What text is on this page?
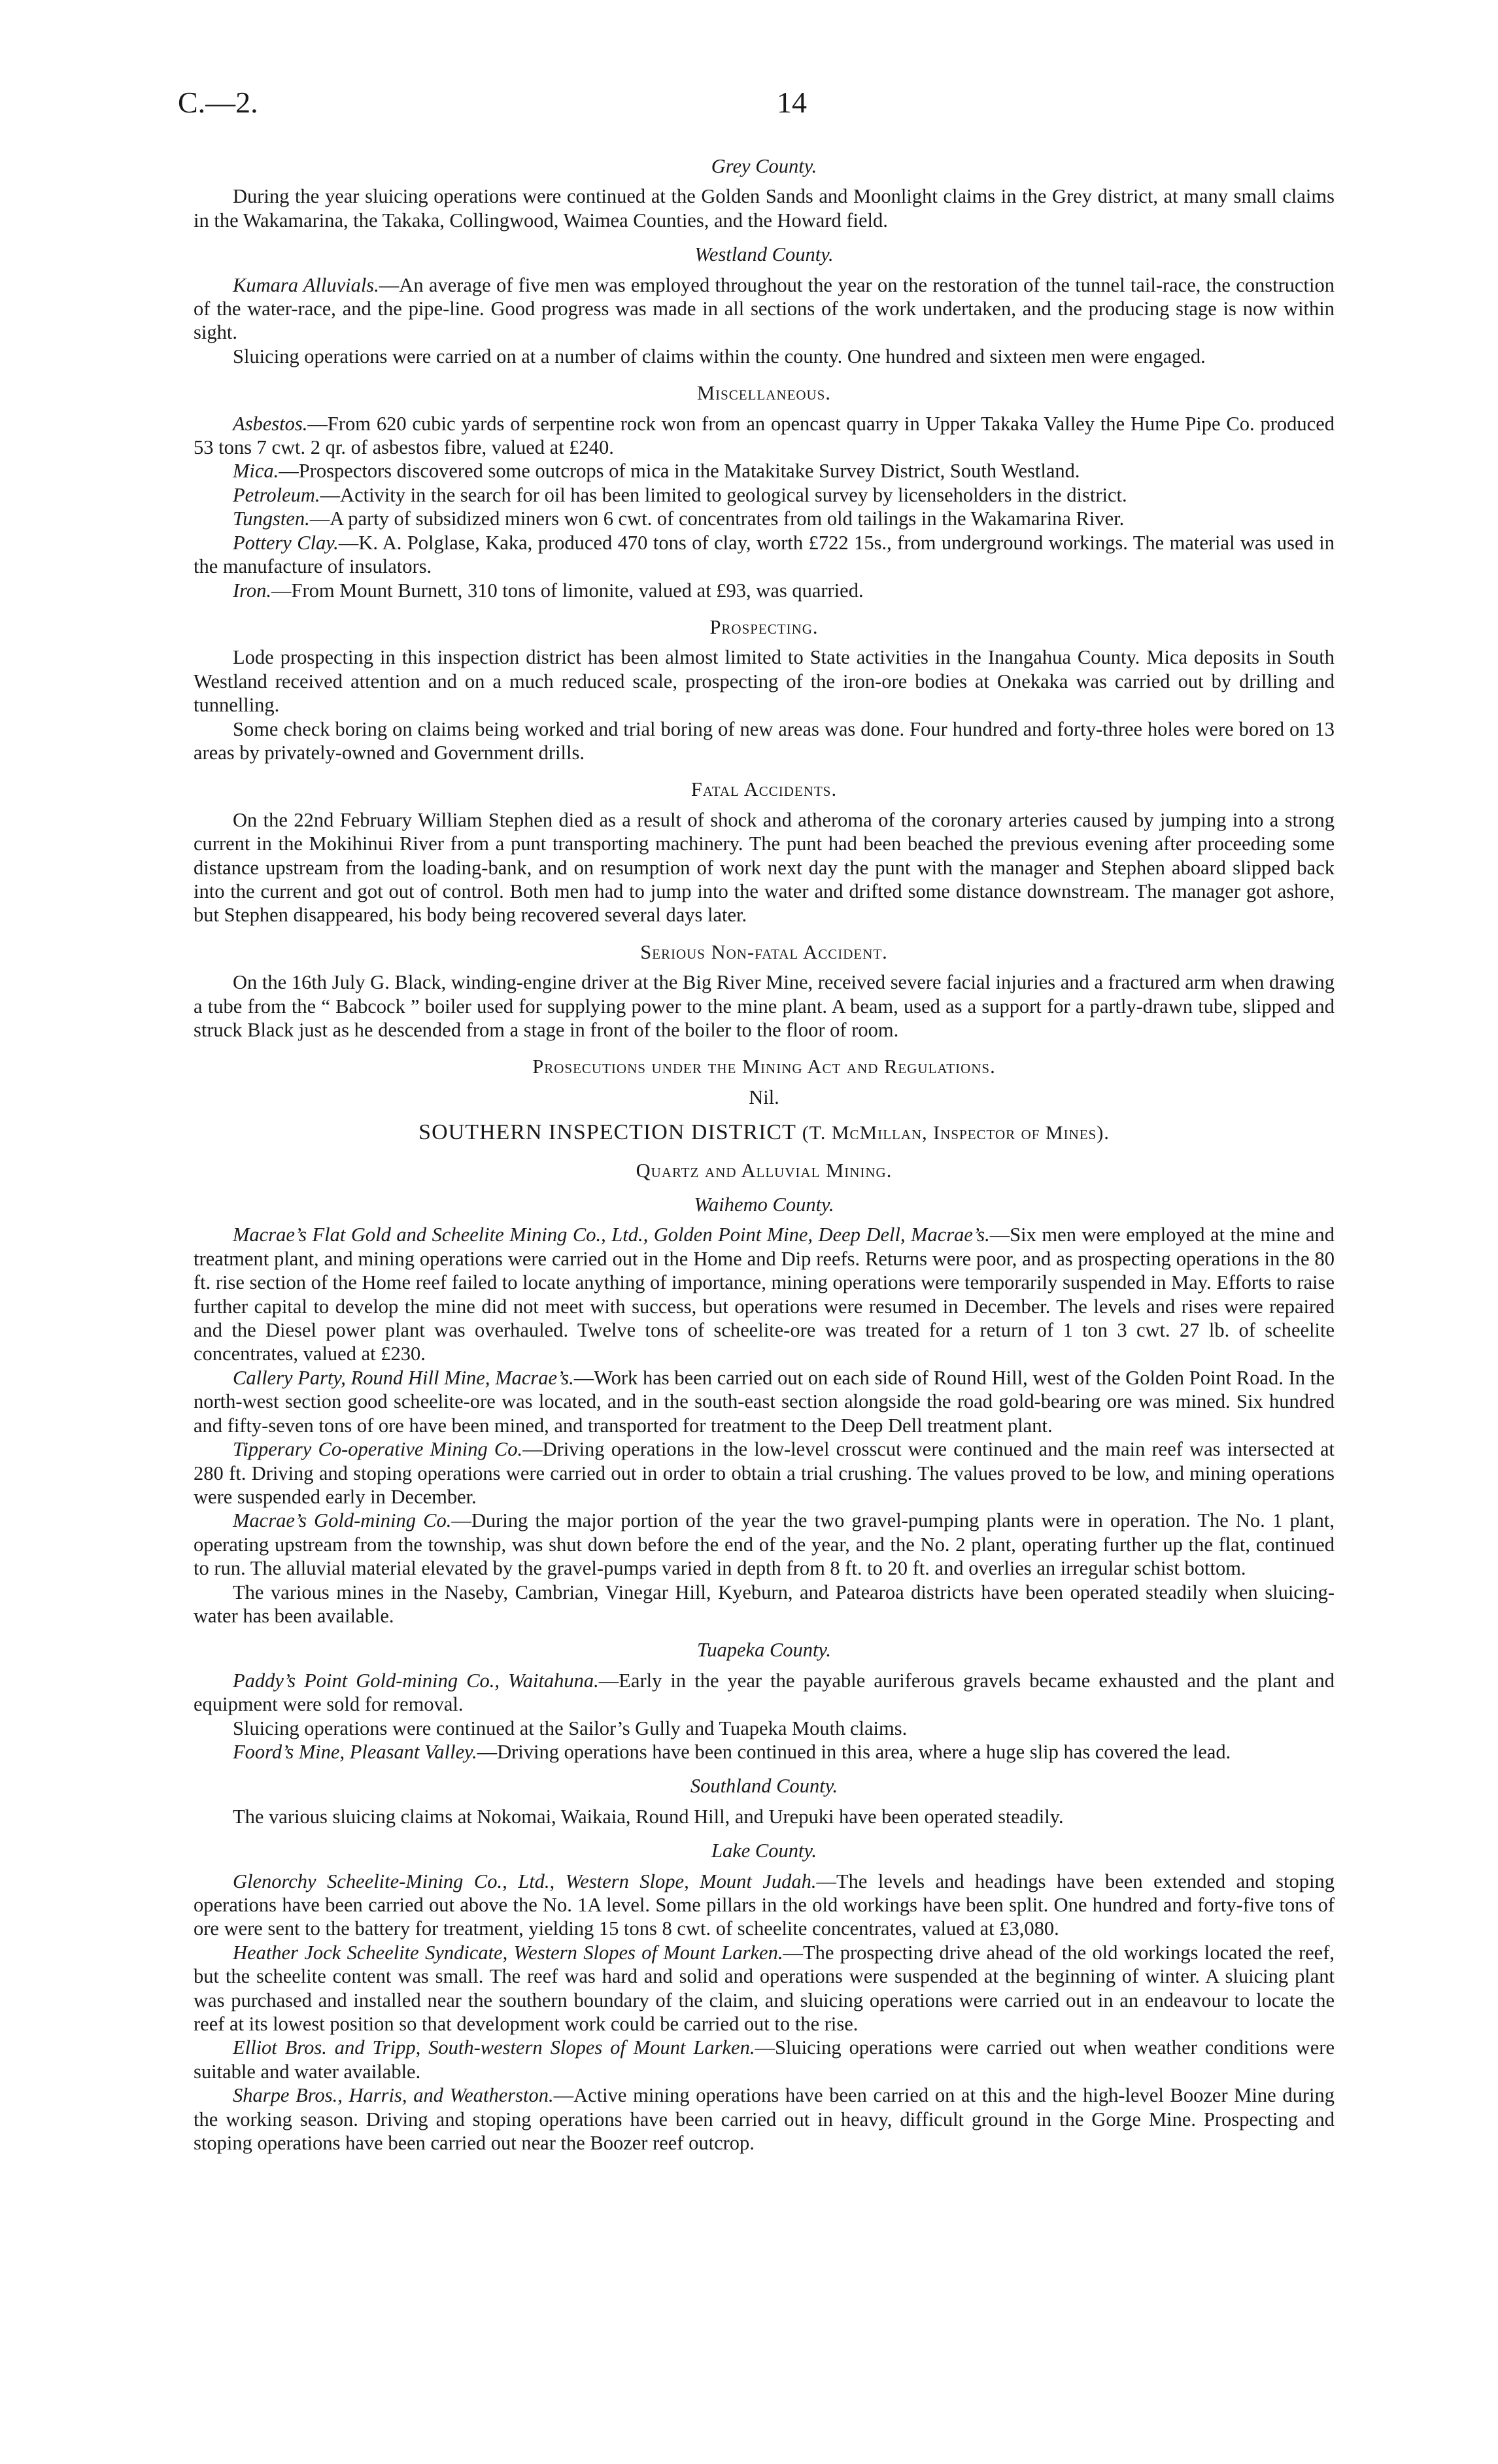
C.—2.	14
Grey County.

During the year sluicing operations were continued at the Golden Sands and Moonlight claims in the Grey district, at many small claims in the Wakamarina, the Takaka, Collingwood, Waimea Counties, and the Howard field.

Westland County.

Kumara Alluvials.—An average of five men was employed throughout the year on the restoration of the tunnel tail-race, the construction of the water-race, and the pipe-line. Good progress was made in all sections of the work undertaken, and the producing stage is now within sight.

Sluicing operations were carried on at a number of claims within the county. One hundred and sixteen men were engaged.

Miscellaneous.

Asbestos.—From 620 cubic yards of serpentine rock won from an opencast quarry in Upper Takaka Valley the Hume Pipe Co. produced 53 tons 7 cwt. 2 qr. of asbestos fibre, valued at £240.

Mica.—Prospectors discovered some outcrops of mica in the Matakitake Survey District, South Westland.

Petroleum.—Activity in the search for oil has been limited to geological survey by licenseholders in the district.

Tungsten.—A party of subsidized miners won 6 cwt. of concentrates from old tailings in the Wakamarina River.

Pottery Clay.—K. A. Polglase, Kaka, produced 470 tons of clay, worth £722 15s., from underground workings. The material was used in the manufacture of insulators.

Iron.—From Mount Burnett, 310 tons of limonite, valued at £93, was quarried.

Prospecting.

Lode prospecting in this inspection district has been almost limited to State activities in the Inangahua County. Mica deposits in South Westland received attention and on a much reduced scale, prospecting of the iron-ore bodies at Onekaka was carried out by drilling and tunnelling.

Some check boring on claims being worked and trial boring of new areas was done. Four hundred and forty-three holes were bored on 13 areas by privately-owned and Government drills.

Fatal Accidents.

On the 22nd February William Stephen died as a result of shock and atheroma of the coronary arteries caused by jumping into a strong current in the Mokihinui River from a punt transporting machinery. The punt had been beached the previous evening after proceeding some distance upstream from the loading-bank, and on resumption of work next day the punt with the manager and Stephen aboard slipped back into the current and got out of control. Both men had to jump into the water and drifted some distance downstream. The manager got ashore, but Stephen disappeared, his body being recovered several days later.

Serious Non-fatal Accident.

On the 16th July G. Black, winding-engine driver at the Big River Mine, received severe facial injuries and a fractured arm when drawing a tube from the “ Babcock ” boiler used for supplying power to the mine plant. A beam, used as a support for a partly-drawn tube, slipped and struck Black just as he descended from a stage in front of the boiler to the floor of room.

Prosecutions under the Mining Act and Regulations.
Nil.
SOUTHERN INSPECTION DISTRICT (T. McMillan, Inspector of Mines).
Quartz and Alluvial Mining.
Waihemo County.

Macrae’s Flat Gold and Scheelite Mining Co., Ltd., Golden Point Mine, Deep Dell, Macrae’s.—Six men were employed at the mine and treatment plant, and mining operations were carried out in the Home and Dip reefs. Returns were poor, and as prospecting operations in the 80 ft. rise section of the Home reef failed to locate anything of importance, mining operations were temporarily suspended in May. Efforts to raise further capital to develop the mine did not meet with success, but operations were resumed in December. The levels and rises were repaired and the Diesel power plant was overhauled. Twelve tons of scheelite-ore was treated for a return of 1 ton 3 cwt. 27 lb. of scheelite concentrates, valued at £230.

Callery Party, Round Hill Mine, Macrae’s.—Work has been carried out on each side of Round Hill, west of the Golden Point Road. In the north-west section good scheelite-ore was located, and in the south-east section alongside the road gold-bearing ore was mined. Six hundred and fifty-seven tons of ore have been mined, and transported for treatment to the Deep Dell treatment plant.

Tipperary Co-operative Mining Co.—Driving operations in the low-level crosscut were continued and the main reef was intersected at 280 ft. Driving and stoping operations were carried out in order to obtain a trial crushing. The values proved to be low, and mining operations were suspended early in December.

Macrae’s Gold-mining Co.—During the major portion of the year the two gravel-pumping plants were in operation. The No. 1 plant, operating upstream from the township, was shut down before the end of the year, and the No. 2 plant, operating further up the flat, continued to run. The alluvial material elevated by the gravel-pumps varied in depth from 8 ft. to 20 ft. and overlies an irregular schist bottom.

The various mines in the Naseby, Cambrian, Vinegar Hill, Kyeburn, and Patearoa districts have been operated steadily when sluicing-water has been available.

Tuapeka County.

Paddy’s Point Gold-mining Co., Waitahuna.—Early in the year the payable auriferous gravels became exhausted and the plant and equipment were sold for removal.

Sluicing operations were continued at the Sailor’s Gully and Tuapeka Mouth claims.

Foord’s Mine, Pleasant Valley.—Driving operations have been continued in this area, where a huge slip has covered the lead.

Southland County.

The various sluicing claims at Nokomai, Waikaia, Round Hill, and Urepuki have been operated steadily.

Lake County.

Glenorchy Scheelite-Mining Co., Ltd., Western Slope, Mount Judah.—The levels and headings have been extended and stoping operations have been carried out above the No. 1A level. Some pillars in the old workings have been split. One hundred and forty-five tons of ore were sent to the battery for treatment, yielding 15 tons 8 cwt. of scheelite concentrates, valued at £3,080.

Heather Jock Scheelite Syndicate, Western Slopes of Mount Larken.—The prospecting drive ahead of the old workings located the reef, but the scheelite content was small. The reef was hard and solid and operations were suspended at the beginning of winter. A sluicing plant was purchased and installed near the southern boundary of the claim, and sluicing operations were carried out in an endeavour to locate the reef at its lowest position so that development work could be carried out to the rise.

Elliot Bros. and Tripp, South-western Slopes of Mount Larken.—Sluicing operations were carried out when weather conditions were suitable and water available.

Sharpe Bros., Harris, and Weatherston.—Active mining operations have been carried on at this and the high-level Boozer Mine during the working season. Driving and stoping operations have been carried out in heavy, difficult ground in the Gorge Mine. Prospecting and stoping operations have been carried out near the Boozer reef outcrop.
